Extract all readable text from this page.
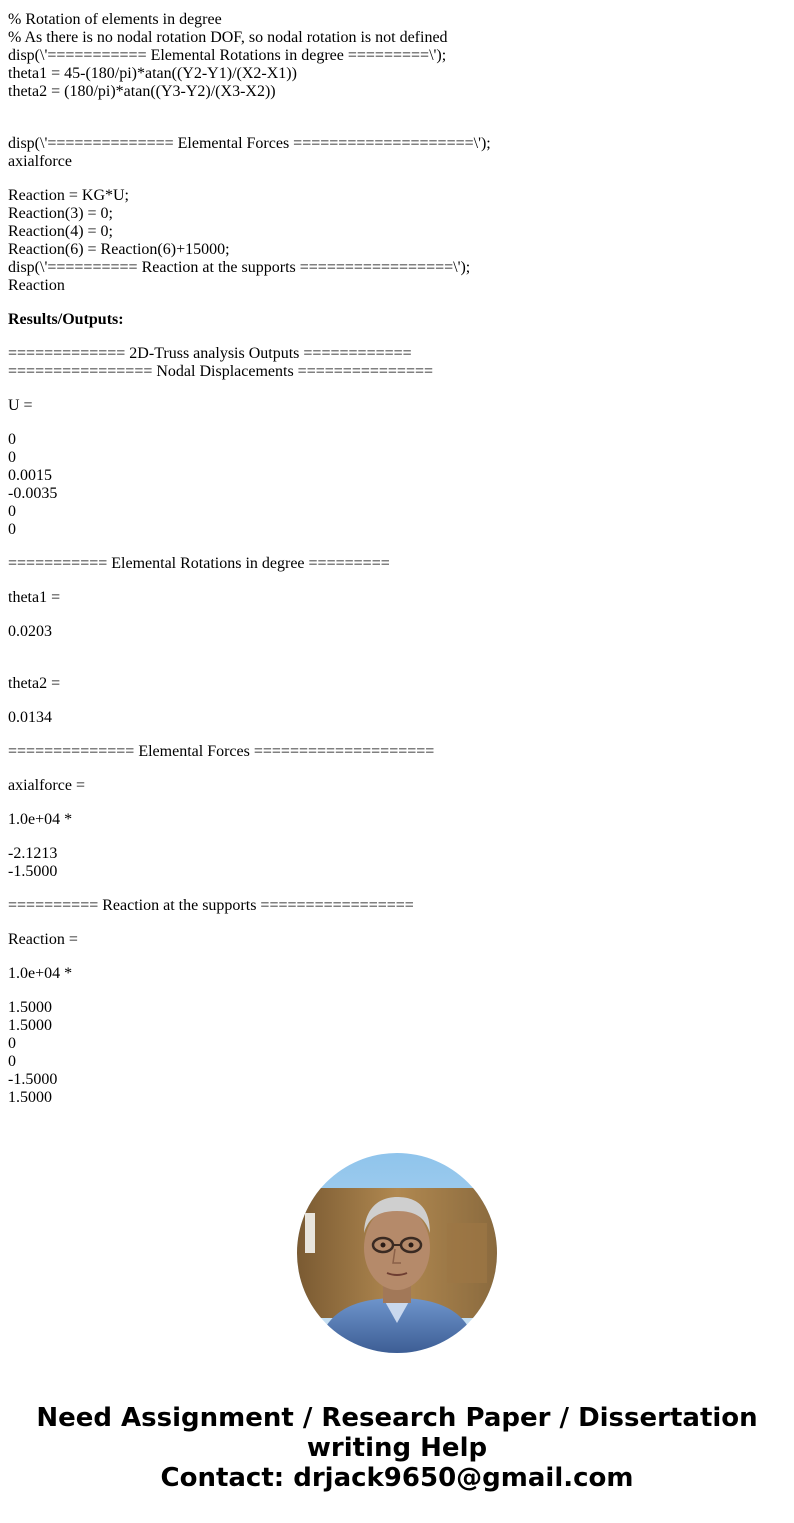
% Rotation of elements in degree
% As there is no nodal rotation DOF, so nodal rotation is not defined
disp(\'=========== Elemental Rotations in degree =========\');
theta1 = 45-(180/pi)*atan((Y2-Y1)/(X2-X1))
theta2 = (180/pi)*atan((Y3-Y2)/(X3-X2))
disp(\'============== Elemental Forces ====================\');
axialforce
Reaction = KG*U;
Reaction(3) = 0;
Reaction(4) = 0;
Reaction(6) = Reaction(6)+15000;
disp(\'========== Reaction at the supports =================\');
Reaction
Results/Outputs:
============= 2D-Truss analysis Outputs ============
================ Nodal Displacements ===============
U =
0
0
0.0015
-0.0035
0
0
=========== Elemental Rotations in degree =========
theta1 =
0.0203
theta2 =
0.0134
============== Elemental Forces ====================
axialforce =
1.0e+04 *
-2.1213
-1.5000
========== Reaction at the supports =================
Reaction =
1.0e+04 *
1.5000
1.5000
0
0
-1.5000
1.5000
Need Assignment / Research Paper / Dissertation
writing Help
Contact: drjack9650@gmail.com
